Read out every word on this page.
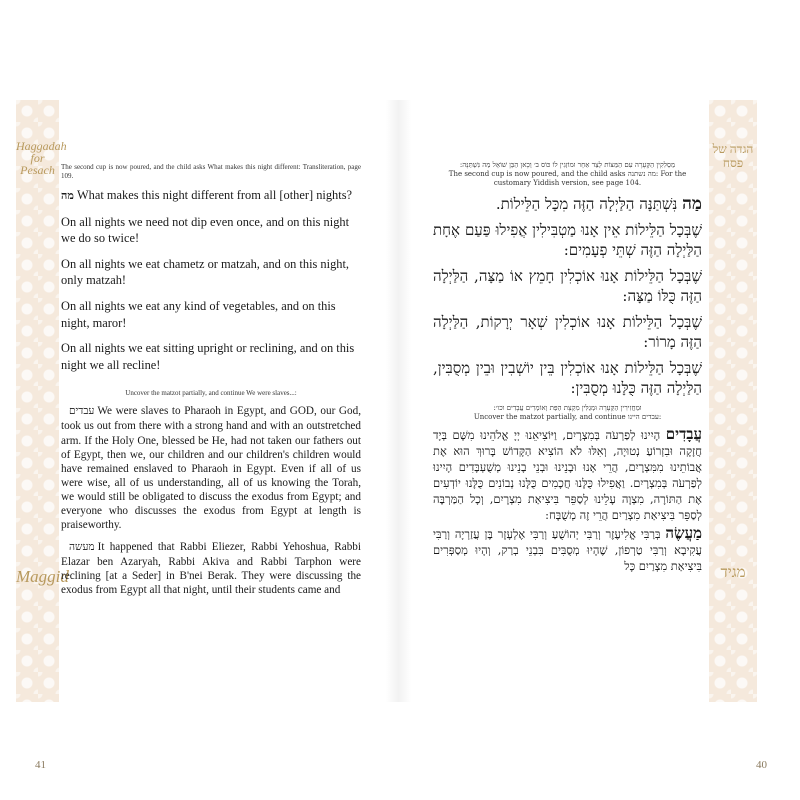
Haggadah for Pesach
Maggid
41
The second cup is now poured, and the child asks What makes this night different: Transliteration, page 109.
מה What makes this night different from all [other] nights?
On all nights we need not dip even once, and on this night we do so twice!
On all nights we eat chametz or matzah, and on this night, only matzah!
On all nights we eat any kind of vegetables, and on this night, maror!
On all nights we eat sitting upright or reclining, and on this night we all recline!
Uncover the matzot partially, and continue We were slaves...:

עבדים We were slaves to Pharaoh in Egypt, and GOD, our God, took us out from there with a strong hand and with an outstretched arm. If the Holy One, blessed be He, had not taken our fathers out of Egypt, then we, our children and our children's children would have remained enslaved to Pharaoh in Egypt. Even if all of us were wise, all of us understanding, all of us knowing the Torah, we would still be obligated to discuss the exodus from Egypt; and everyone who discusses the exodus from Egypt at length is praiseworthy.

מעשה It happened that Rabbi Eliezer, Rabbi Yehoshua, Rabbi Elazar ben Azaryah, Rabbi Akiva and Rabbi Tarphon were reclining [at a Seder] in B'nei Berak. They were discussing the exodus from Egypt all that night, until their students came and

הגדה של פסח
מגיד
40
מַסְלִקִין הַקְּעָרָה עִם הַמַּצּוֹת לְצַד אַחֵר וּמוֹזְגִין לוֹ כּוֹס ב׳ וְכָאן הַבֵּן שׁוֹאֵל מַה נִּשְׁתַּנָּה:
The second cup is now poured, and the child asks מה נשתנה: For the customary Yiddish version, see page 104.
מַה נִּשְׁתַּנָּה הַלַּיְלָה הַזֶּה מִכָּל הַלֵּילוֹת.
שֶׁבְּכָל הַלֵּילוֹת אֵין אָנוּ מַטְבִּילִין אֲפִילוּ פַּעַם אֶחָת הַלַּיְלָה הַזֶּה שְׁתֵּי פְעָמִים:
שֶׁבְּכָל הַלֵּילוֹת אָנוּ אוֹכְלִין חָמֵץ אוֹ מַצָּה, הַלַּיְלָה הַזֶּה כֻּלּוֹ מַצָּה:
שֶׁבְּכָל הַלֵּילוֹת אָנוּ אוֹכְלִין שְׁאָר יְרָקוֹת, הַלַּיְלָה הַזֶּה מָרוֹר:
שֶׁבְּכָל הַלֵּילוֹת אָנוּ אוֹכְלִין בֵּין יוֹשְׁבִין וּבֵין מְסֻבִּין, הַלַּיְלָה הַזֶּה כֻּלָּנוּ מְסֻבִּין:
וּמַחֲזִירִין הַקְּעָרָה וּמְגַלִּין מִקְצָת הַפַּת וְאוֹמְרִים עֲבָדִים וכו׳:
Uncover the matzot partially, and continue עבדים היינו:
עֲבָדִים הָיִינוּ לְפַרְעֹה בְּמִצְרָיִם, וַיּוֹצִיאֵנוּ יְיָ אֱלֹהֵינוּ מִשָּׁם בְּיָד חֲזָקָה וּבִזְרוֹעַ נְטוּיָה, וְאִלּוּ לֹא הוֹצִיא הַקָּדוֹשׁ בָּרוּךְ הוּא אֶת אֲבוֹתֵינוּ מִמִּצְרָיִם, הֲרֵי אָנוּ וּבָנֵינוּ וּבְנֵי בָנֵינוּ מְשֻׁעְבָּדִים הָיִינוּ לְפַרְעֹה בְּמִצְרָיִם. וַאֲפִילוּ כֻּלָּנוּ חֲכָמִים כֻּלָּנוּ נְבוֹנִים כֻּלָּנוּ יוֹדְעִים אֶת הַתּוֹרָה, מִצְוָה עָלֵינוּ לְסַפֵּר בִּיצִיאַת מִצְרָיִם, וְכָל הַמַּרְבֶּה לְסַפֵּר בִּיצִיאַת מִצְרַיִם הֲרֵי זֶה מְשֻׁבָּח:
מַעֲשֶׂה בְּרַבִּי אֱלִיעֶזֶר וְרַבִּי יְהוֹשֻׁעַ וְרַבִּי אֶלְעָזָר בֶּן עֲזַרְיָה וְרַבִּי עֲקִיבָא וְרַבִּי טַרְפוֹן, שֶׁהָיוּ מְסֻבִּים בִּבְנֵי בְרַק, וְהָיוּ מְסַפְּרִים בִּיצִיאַת מִצְרַיִם כָּל
